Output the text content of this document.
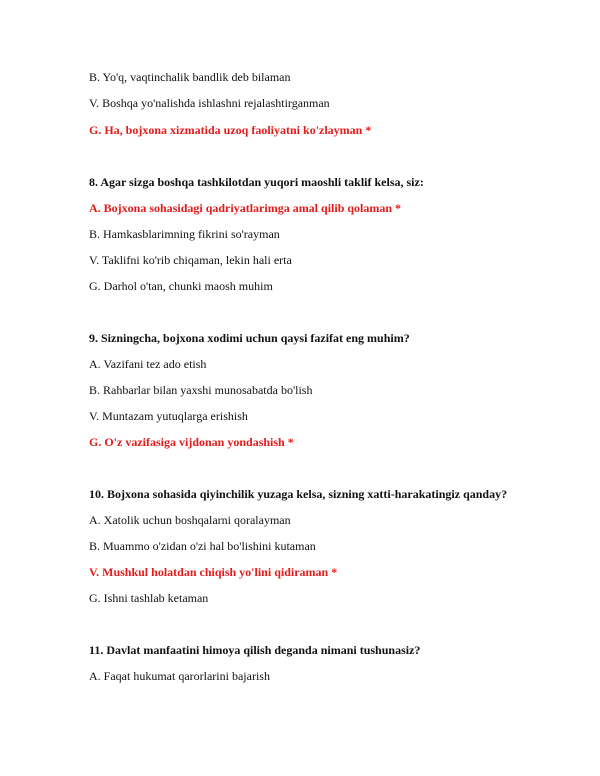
B. Yo'q, vaqtinchalik bandlik deb bilaman

V. Boshqa yo'nalishda ishlashni rejalashtirganman

G. Ha, bojxona xizmatida uzoq faoliyatni ko'zlayman *

8. Agar sizga boshqa tashkilotdan yuqori maoshli taklif kelsa, siz:

A. Bojxona sohasidagi qadriyatlarimga amal qilib qolaman *

B. Hamkasblarimning fikrini so'rayman

V. Taklifni ko'rib chiqaman, lekin hali erta

G. Darhol o'tan, chunki maosh muhim

9. Sizningcha, bojxona xodimi uchun qaysi fazifat eng muhim?

A. Vazifani tez ado etish

B. Rahbarlar bilan yaxshi munosabatda bo'lish

V. Muntazam yutuqlarga erishish

G. O'z vazifasiga vijdonan yondashish *

10. Bojxona sohasida qiyinchilik yuzaga kelsa, sizning xatti-harakatingiz qanday?

A. Xatolik uchun boshqalarni qoralayman

B. Muammo o'zidan o'zi hal bo'lishini kutaman

V. Mushkul holatdan chiqish yo'lini qidiraman *

G. Ishni tashlab ketaman

11. Davlat manfaatini himoya qilish deganda nimani tushunasiz?

A. Faqat hukumat qarorlarini bajarish
